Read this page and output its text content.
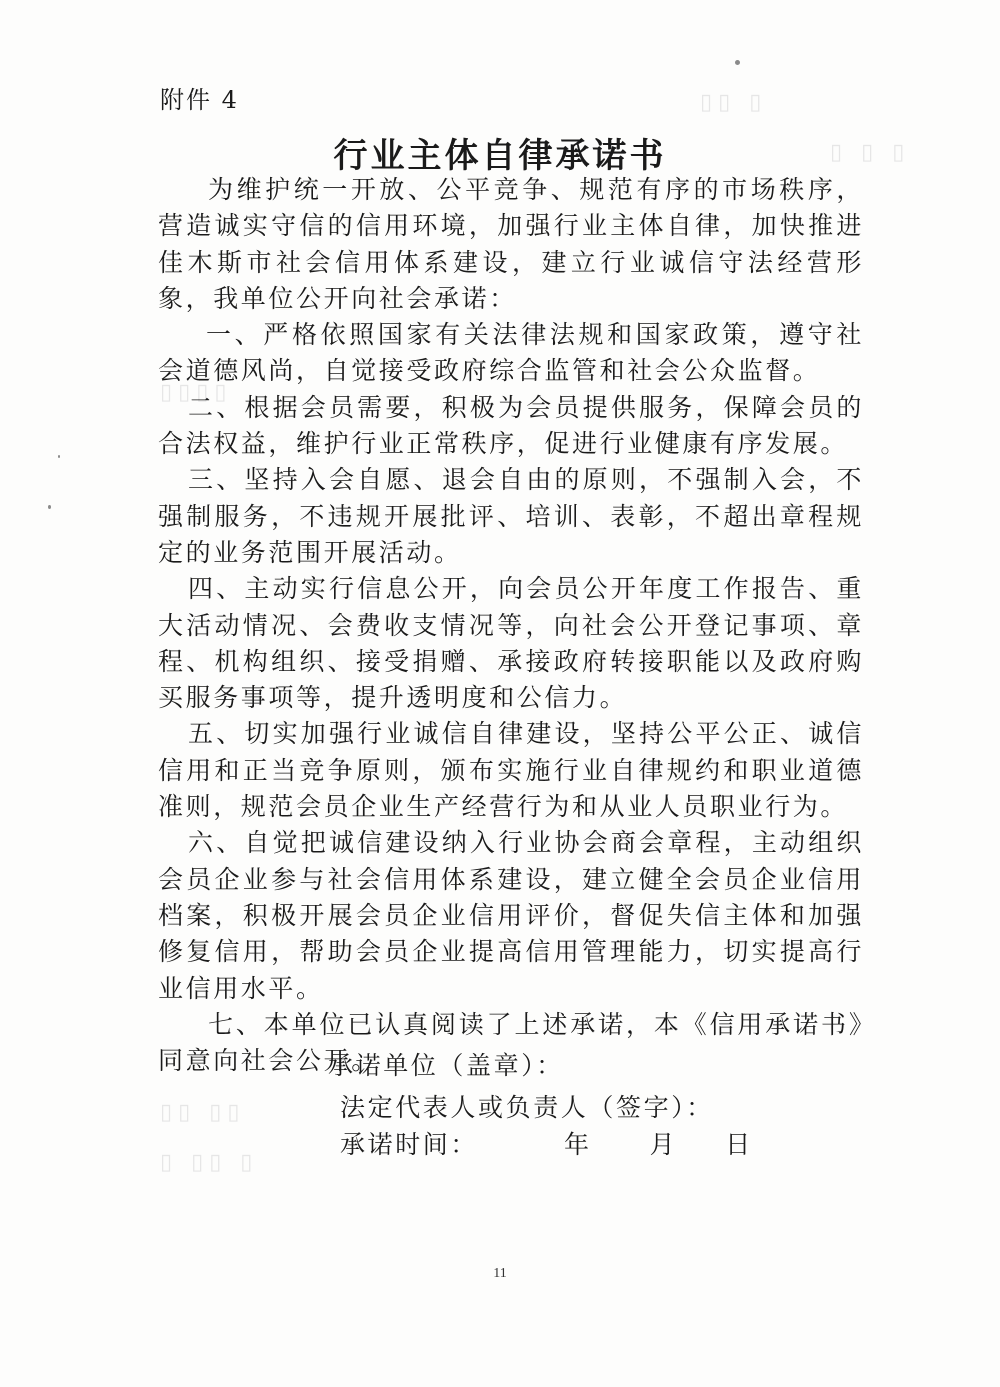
▯▯ ▯
▯ ▯ ▯
▯▯▯▯
▯▯ ▯▯
▯ ▯▯ ▯
附件 4
行业主体自律承诺书

为维护统一开放、公平竞争、规范有序的市场秩序，营造诚实守信的信用环境，加强行业主体自律，加快推进佳木斯市社会信用体系建设，建立行业诚信守法经营形象，我单位公开向社会承诺：

一、严格依照国家有关法律法规和国家政策，遵守社会道德风尚，自觉接受政府综合监管和社会公众监督。

二、根据会员需要，积极为会员提供服务，保障会员的合法权益，维护行业正常秩序，促进行业健康有序发展。

三、坚持入会自愿、退会自由的原则，不强制入会，不强制服务，不违规开展批评、培训、表彰，不超出章程规定的业务范围开展活动。

四、主动实行信息公开，向会员公开年度工作报告、重大活动情况、会费收支情况等，向社会公开登记事项、章程、机构组织、接受捐赠、承接政府转接职能以及政府购买服务事项等，提升透明度和公信力。

五、切实加强行业诚信自律建设，坚持公平公正、诚信信用和正当竞争原则，颁布实施行业自律规约和职业道德准则，规范会员企业生产经营行为和从业人员职业行为。

六、自觉把诚信建设纳入行业协会商会章程，主动组织会员企业参与社会信用体系建设，建立健全会员企业信用档案，积极开展会员企业信用评价，督促失信主体和加强修复信用，帮助会员企业提高信用管理能力，切实提高行业信用水平。

七、本单位已认真阅读了上述承诺，本《信用承诺书》同意向社会公开。

承诺单位（盖章）：
法定代表人或负责人（签字）：
承诺时间：	年 月 日
11
